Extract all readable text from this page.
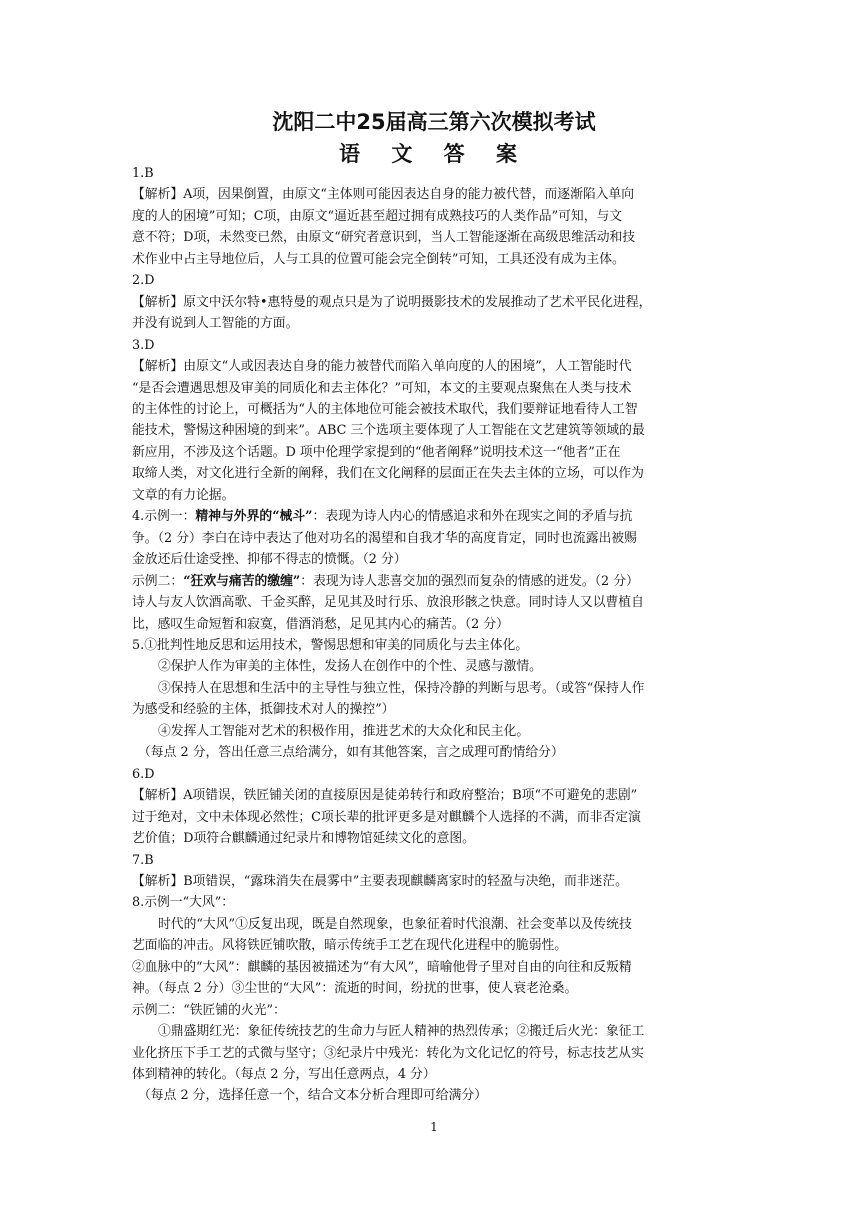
沈阳二中25届高三第六次模拟考试
语 文 答 案

1.B

【解析】A项，因果倒置，由原文“主体则可能因表达自身的能力被代替，而逐渐陷入单向

度的人的困境”可知；C项，由原文“逼近甚至超过拥有成熟技巧的人类作品”可知，与文

意不符；D项，未然变已然，由原文“研究者意识到，当人工智能逐渐在高级思维活动和技

术作业中占主导地位后，人与工具的位置可能会完全倒转”可知，工具还没有成为主体。

2.D

【解析】原文中沃尔特•惠特曼的观点只是为了说明摄影技术的发展推动了艺术平民化进程，

并没有说到人工智能的方面。

3.D

【解析】由原文“人或因表达自身的能力被替代而陷入单向度的人的困境”，人工智能时代

“是否会遭遇思想及审美的同质化和去主体化？”可知，本文的主要观点聚焦在人类与技术

的主体性的讨论上，可概括为“人的主体地位可能会被技术取代，我们要辩证地看待人工智

能技术，警惕这种困境的到来”。ABC 三个选项主要体现了人工智能在文艺建筑等领域的最

新应用，不涉及这个话题。D 项中伦理学家提到的“他者阐释”说明技术这一“他者”正在

取缔人类，对文化进行全新的阐释，我们在文化阐释的层面正在失去主体的立场，可以作为

文章的有力论据。

4.示例一：精神与外界的“械斗”：表现为诗人内心的情感追求和外在现实之间的矛盾与抗

争。（2 分）李白在诗中表达了他对功名的渴望和自我才华的高度肯定，同时也流露出被赐

金放还后仕途受挫、抑郁不得志的愤慨。（2 分）

示例二：“狂欢与痛苦的缴缠”：表现为诗人悲喜交加的强烈而复杂的情感的迸发。（2 分）

诗人与友人饮酒高歌、千金买醉，足见其及时行乐、放浪形骸之快意。同时诗人又以曹植自

比，感叹生命短暂和寂寞，借酒消愁，足见其内心的痛苦。（2 分）

5.①批判性地反思和运用技术，警惕思想和审美的同质化与去主体化。

②保护人作为审美的主体性，发扬人在创作中的个性、灵感与激情。

③保持人在思想和生活中的主导性与独立性，保持冷静的判断与思考。（或答“保持人作

为感受和经验的主体，抵御技术对人的操控”）

④发挥人工智能对艺术的积极作用，推进艺术的大众化和民主化。

（每点 2 分，答出任意三点给满分，如有其他答案，言之成理可酌情给分）

6.D

【解析】A项错误，铁匠铺关闭的直接原因是徒弟转行和政府整治；B项“不可避免的悲剧”

过于绝对，文中未体现必然性；C项长辈的批评更多是对麒麟个人选择的不满，而非否定演

艺价值；D项符合麒麟通过纪录片和博物馆延续文化的意图。

7.B

【解析】B项错误，“露珠消失在晨雾中”主要表现麒麟离家时的轻盈与决绝，而非迷茫。

8.示例一“大风”：

时代的“大风”①反复出现，既是自然现象，也象征着时代浪潮、社会变革以及传统技

艺面临的冲击。风将铁匠铺吹散，暗示传统手工艺在现代化进程中的脆弱性。

②血脉中的“大风”：麒麟的基因被描述为“有大风”，暗喻他骨子里对自由的向往和反叛精

神。（每点 2 分）③尘世的“大风”：流逝的时间，纷扰的世事，使人衰老沧桑。

示例二：“铁匠铺的火光”：

①鼎盛期红光：象征传统技艺的生命力与匠人精神的热烈传承；②搬迁后火光：象征工

业化挤压下手工艺的式微与坚守；③纪录片中残光：转化为文化记忆的符号，标志技艺从实

体到精神的转化。（每点 2 分，写出任意两点，4 分）

（每点 2 分，选择任意一个，结合文本分析合理即可给满分）

1
